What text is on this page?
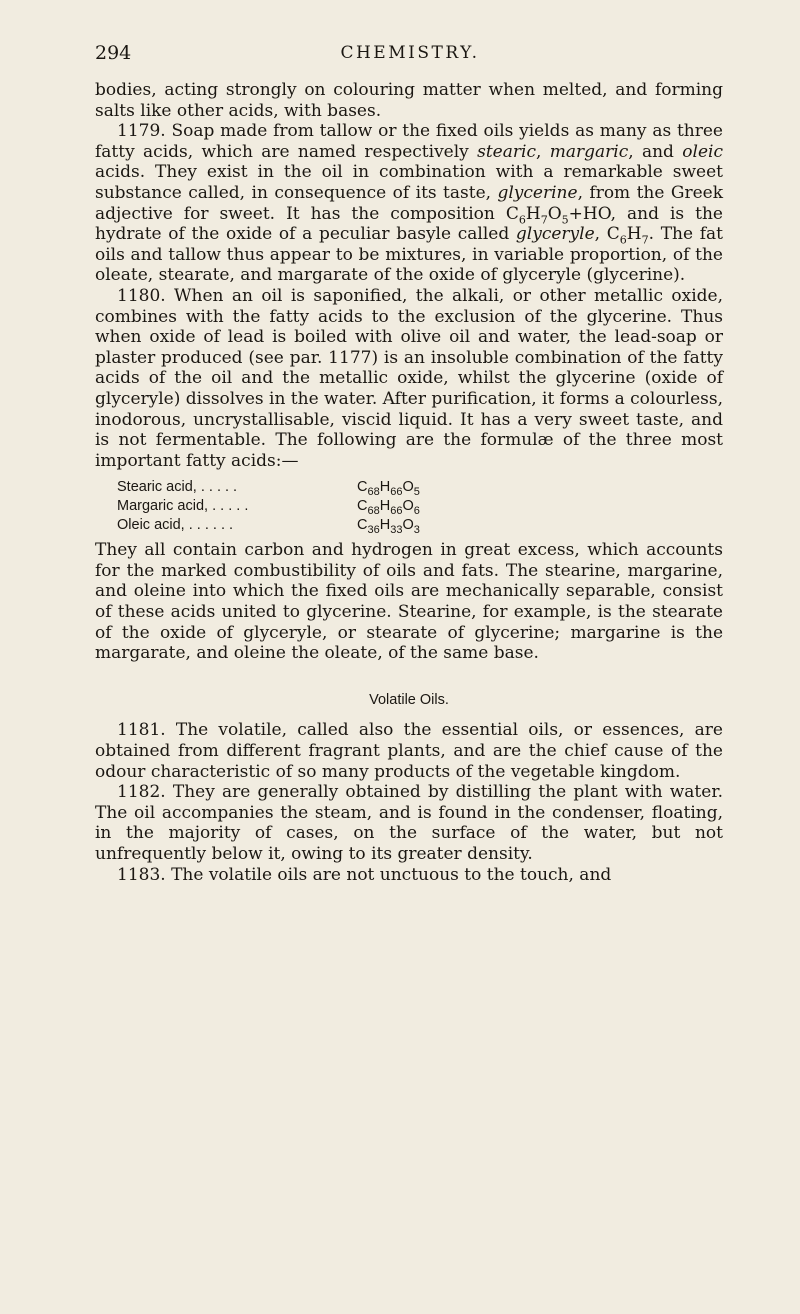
294	CHEMISTRY.

bodies, acting strongly on colouring matter when melted, and forming salts like other acids, with bases.

1179. Soap made from tallow or the fixed oils yields as many as three fatty acids, which are named respectively stearic, margaric, and oleic acids. They exist in the oil in combination with a remarkable sweet substance called, in consequence of its taste, glycerine, from the Greek adjective for sweet. It has the composition $C_6H_7O_5+HO$, and is the hydrate of the oxide of a peculiar basyle called glyceryle, $C_6H_7$. The fat oils and tallow thus appear to be mixtures, in variable proportion, of the oleate, stearate, and margarate of the oxide of glyceryle (glycerine).

1180. When an oil is saponified, the alkali, or other metallic oxide, combines with the fatty acids to the exclusion of the glycerine. Thus when oxide of lead is boiled with olive oil and water, the lead-soap or plaster produced (see par. 1177) is an insoluble combination of the fatty acids of the oil and the metallic oxide, whilst the glycerine (oxide of glyceryle) dissolves in the water. After purification, it forms a colourless, inodorous, uncrystallisable, viscid liquid. It has a very sweet taste, and is not fermentable. The following are the formulæ of the three most important fatty acids:—

Stearic acid, . . . . .	$C_{68}H_{66}O_5$
Margaric acid, . . . . .	$C_{68}H_{66}O_6$
Oleic acid, . . . . . .	$C_{36}H_{33}O_3$

They all contain carbon and hydrogen in great excess, which accounts for the marked combustibility of oils and fats. The stearine, margarine, and oleine into which the fixed oils are mechanically separable, consist of these acids united to glycerine. Stearine, for example, is the stearate of the oxide of glyceryle, or stearate of glycerine; margarine is the margarate, and oleine the oleate, of the same base.

Volatile Oils.

1181. The volatile, called also the essential oils, or essences, are obtained from different fragrant plants, and are the chief cause of the odour characteristic of so many products of the vegetable kingdom.

1182. They are generally obtained by distilling the plant with water. The oil accompanies the steam, and is found in the condenser, floating, in the majority of cases, on the surface of the water, but not unfrequently below it, owing to its greater density.

1183. The volatile oils are not unctuous to the touch, and
